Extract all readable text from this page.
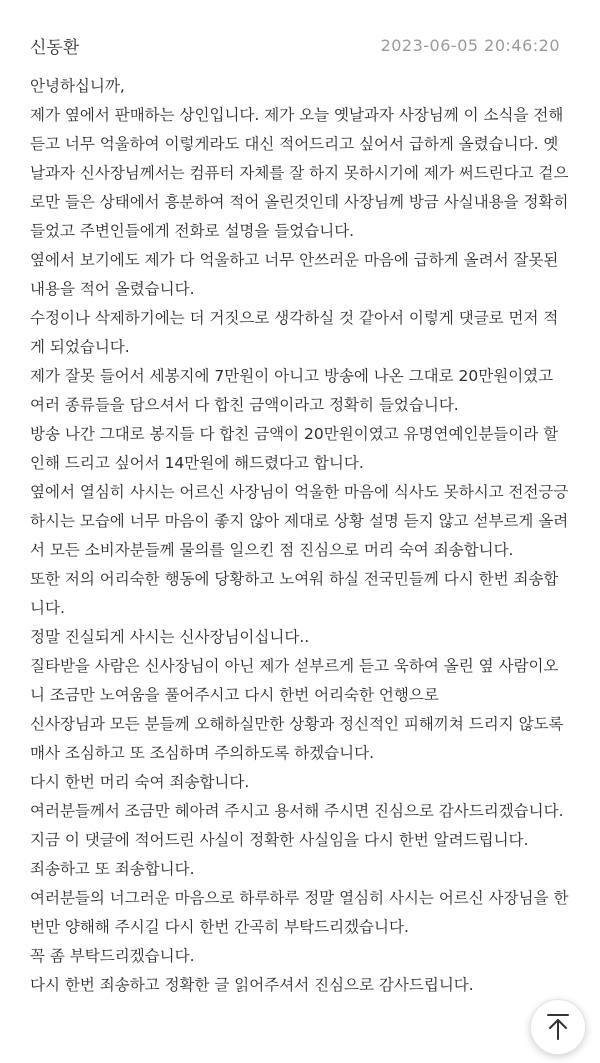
신동환	2023-06-05 20:46:20

안녕하십니까,

제가 옆에서 판매하는 상인입니다. 제가 오늘 옛날과자 사장님께 이 소식을 전해듣고 너무 억울하여 이렇게라도 대신 적어드리고 싶어서 급하게 올렸습니다. 옛날과자 신사장님께서는 컴퓨터 자체를 잘 하지 못하시기에 제가 써드린다고 겉으로만 들은 상태에서 흥분하여 적어 올린것인데 사장님께 방금 사실내용을 정확히 들었고 주변인들에게 전화로 설명을 들었습니다.

옆에서 보기에도 제가 다 억울하고 너무 안쓰러운 마음에 급하게 올려서 잘못된 내용을 적어 올렸습니다.

수정이나 삭제하기에는 더 거짓으로 생각하실 것 같아서 이렇게 댓글로 먼저 적게 되었습니다.

제가 잘못 들어서 세봉지에 7만원이 아니고 방송에 나온 그대로 20만원이였고 여러 종류들을 담으셔서 다 합친 금액이라고 정확히 들었습니다.

방송 나간 그대로 봉지들 다 합친 금액이 20만원이였고 유명연예인분들이라 할인해 드리고 싶어서 14만원에 해드렸다고 합니다.

옆에서 열심히 사시는 어르신 사장님이 억울한 마음에 식사도 못하시고 전전긍긍 하시는 모습에 너무 마음이 좋지 않아 제대로 상황 설명 듣지 않고 섣부르게 올려서 모든 소비자분들께 물의를 일으킨 점 진심으로 머리 숙여 죄송합니다.

또한 저의 어리숙한 행동에 당황하고 노여워 하실 전국민들께 다시 한번 죄송합니다.

정말 진실되게 사시는 신사장님이십니다..

질타받을 사람은 신사장님이 아닌 제가 섣부르게 듣고 욱하여 올린 옆 사람이오니 조금만 노여움을 풀어주시고 다시 한번 어리숙한 언행으로

신사장님과 모든 분들께 오해하실만한 상황과 정신적인 피해끼쳐 드리지 않도록 매사 조심하고 또 조심하며 주의하도록 하겠습니다.

다시 한번 머리 숙여 죄송합니다.

여러분들께서 조금만 헤아려 주시고 용서해 주시면 진심으로 감사드리겠습니다.

지금 이 댓글에 적어드린 사실이 정확한 사실임을 다시 한번 알려드립니다.

죄송하고 또 죄송합니다.

여러분들의 너그러운 마음으로 하루하루 정말 열심히 사시는 어르신 사장님을 한번만 양해해 주시길 다시 한번 간곡히 부탁드리겠습니다.

꼭 좀 부탁드리겠습니다.

다시 한번 죄송하고 정확한 글 읽어주셔서 진심으로 감사드립니다.
